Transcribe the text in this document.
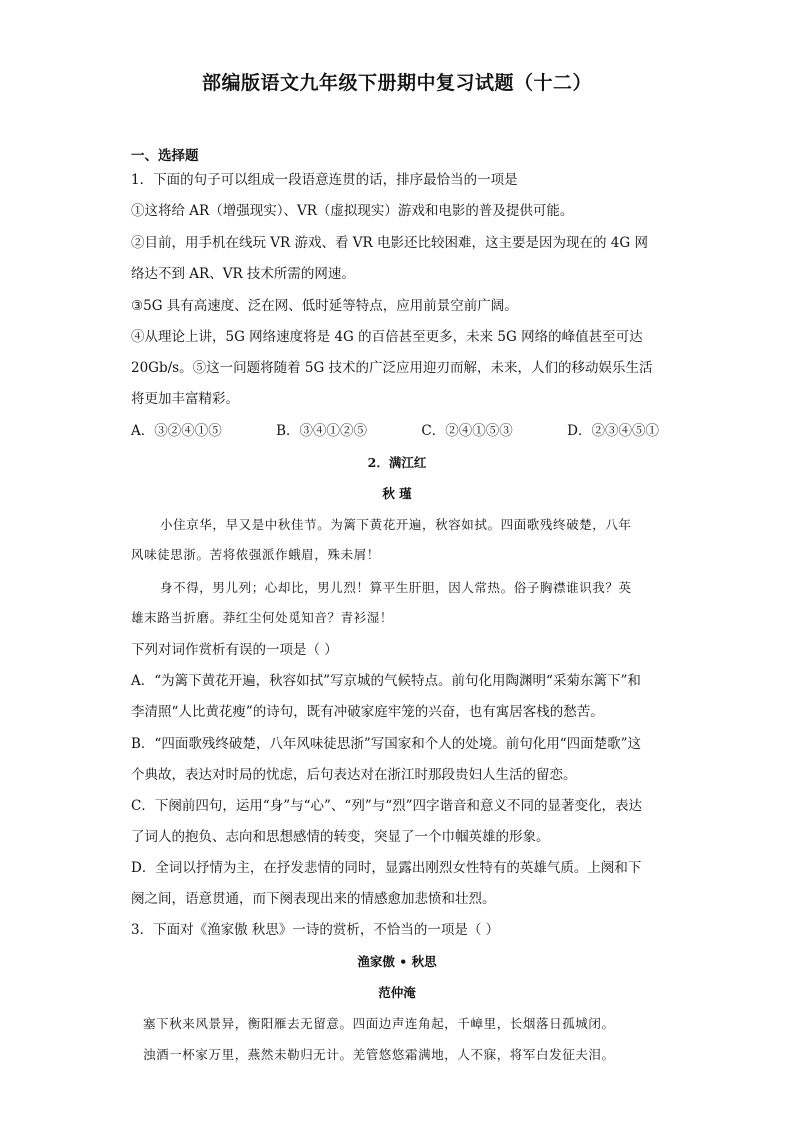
部编版语文九年级下册期中复习试题（十二）
一、选择题
1．下面的句子可以组成一段语意连贯的话，排序最恰当的一项是
①这将给 AR（增强现实）、VR（虚拟现实）游戏和电影的普及提供可能。
②目前，用手机在线玩 VR 游戏、看 VR 电影还比较困难，这主要是因为现在的 4G 网
络达不到 AR、VR 技术所需的网速。
③5G 具有高速度、泛在网、低时延等特点，应用前景空前广阔。
④从理论上讲，5G 网络速度将是 4G 的百倍甚至更多，未来 5G 网络的峰值甚至可达
20Gb/s。⑤这一问题将随着 5G 技术的广泛应用迎刃而解，未来，人们的移动娱乐生活
将更加丰富精彩。
A．③②④①⑤	B．③④①②⑤	C．②④①⑤③	D．②③④⑤①
2．满江红
秋 瑾
小住京华，早又是中秋佳节。为篱下黄花开遍，秋容如拭。四面歌残终破楚，八年
风味徒思浙。苦将侬强派作蛾眉，殊未屑！
身不得，男儿列；心却比，男儿烈！算平生肝胆，因人常热。俗子胸襟谁识我？英
雄末路当折磨。莽红尘何处觅知音？青衫湿！
下列对词作赏析有误的一项是（ ）
A．“为篱下黄花开遍，秋容如拭”写京城的气候特点。前句化用陶渊明“采菊东篱下”和
李清照“人比黄花瘦”的诗句，既有冲破家庭牢笼的兴奋，也有寓居客栈的愁苦。
B．“四面歌残终破楚，八年风味徒思浙”写国家和个人的处境。前句化用“四面楚歌”这
个典故，表达对时局的忧虑，后句表达对在浙江时那段贵妇人生活的留恋。
C．下阕前四句，运用“身”与“心”、“列”与“烈”四字谐音和意义不同的显著变化，表达
了词人的抱负、志向和思想感情的转变，突显了一个巾帼英雄的形象。
D．全词以抒情为主，在抒发悲情的同时，显露出刚烈女性特有的英雄气质。上阕和下
阕之间，语意贯通，而下阕表现出来的情感愈加悲愤和壮烈。
3．下面对《渔家傲 秋思》一诗的赏析，不恰当的一项是（ ）
渔家傲 • 秋思
范仲淹
塞下秋来风景异，衡阳雁去无留意。四面边声连角起，千嶂里，长烟落日孤城闭。
浊酒一杯家万里，燕然未勒归无计。羌管悠悠霜满地，人不寐，将军白发征夫泪。
